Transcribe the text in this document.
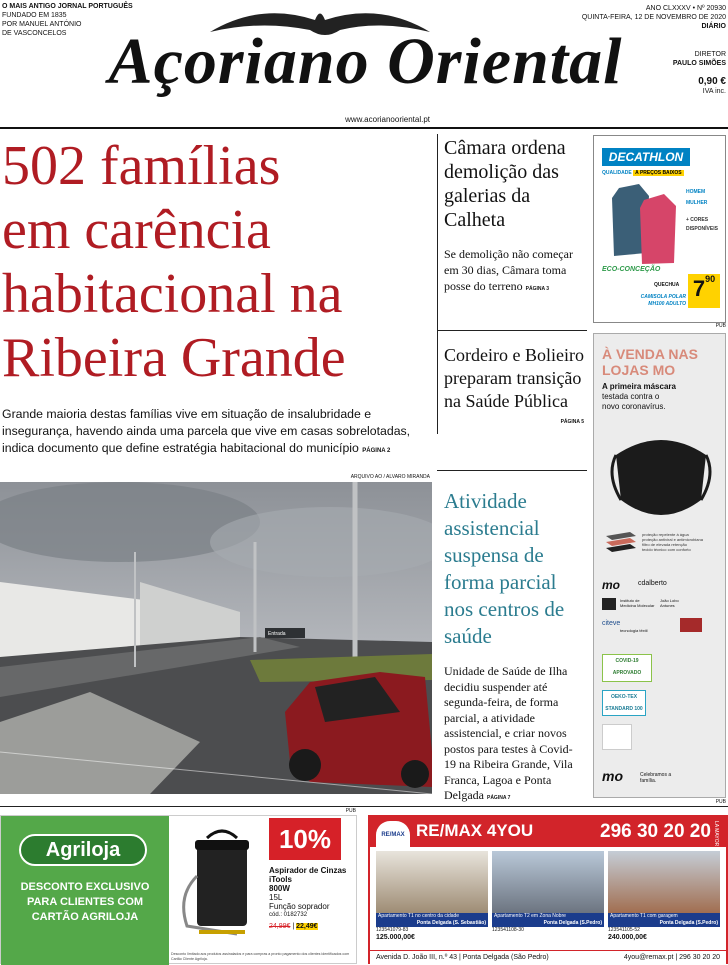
O MAIS ANTIGO JORNAL PORTUGUÊS
FUNDADO EM 1835
POR MANUEL ANTÓNIO
DE VASCONCELOS Açoriano Oriental
ANO CLXXXV • Nº 20930
QUINTA-FEIRA, 12 DE NOVEMBRO DE 2020
DIÁRIO
DIRETOR
PAULO SIMÕES
0,90 €
IVA inc.
www.acorianooriental.pt
502 famílias
em carência
habitacional na
Ribeira Grande
Grande maioria destas famílias vive em situação de insalubridade e insegurança, havendo ainda uma parcela que vive em casas sobrelotadas, indica documento que define estratégia habitacional do município PÁGINA 2
ARQUIVO AO / ALVARO MIRANDA
Entrada
Câmara ordena demolição das galerias da Calheta
Se demolição não começar em 30 dias, Câmara toma posse do terreno PÁGINA 3
Cordeiro e Bolieiro preparam transição na Saúde Pública
PÁGINA 5
Atividade assistencial suspensa de forma parcial nos centros de saúde
Unidade de Saúde de Ilha decidiu suspender até segunda-feira, de forma parcial, a atividade assistencial, e criar novos postos para testes à Covid-19 na Ribeira Grande, Vila Franca, Lagoa e Ponta Delgada PÁGINA 7
DECATHLON
QUALIDADE A PREÇOS BAIXOS
HOMEM
MULHER
+ CORES
DISPONÍVEIS
ECO-CONCEÇÃO
QUECHUA $7^{90}$
CAMISOLA POLAR
MH100 ADULTO
PUB
À VENDA NAS
LOJAS MO
A primeira máscara
testada contra o
novo coronavírus.
proteção repelente à água
proteção antiviral e antimicrobiana
filtro de elevada retenção
tecido técnico com conforto
mo	cdalberto
Instituto de Medicina Molecular
João Lobo Antunes
citeve
tecnologia têxtil
COVID-19
APROVADO
OEKO-TEX
STANDARD 100
mo	Celebramos a família.
PUB
PUB
Agriloja
DESCONTO EXCLUSIVO
PARA CLIENTES COM
CARTÃO AGRILOJA
10%
Aspirador de Cinzas
iTools
800W
15L
Função soprador
cód.: 0182732
24,99€ | 22,49€
Desconto limitado aos produtos assinalados e para compras a pronto pagamento dos clientes identificados com Cartão Cliente Agriloja.
RE/MAX RE/MAX 4YOU	296 30 20 20 LA MAYOR
Apartamento T1 no centro da cidade
Ponta Delgada (S. Sebastião)
123541079-83
125.000,00€
Apartamento T2 em Zona Nobre
Ponta Delgada (S.Pedro)
123541108-30
Apartamento T1 com garagem
Ponta Delgada (S.Pedro)
123541105-52
240.000,00€
Avenida D. João III, n.º 43 | Ponta Delgada (São Pedro)	4you@remax.pt | 296 30 20 20
